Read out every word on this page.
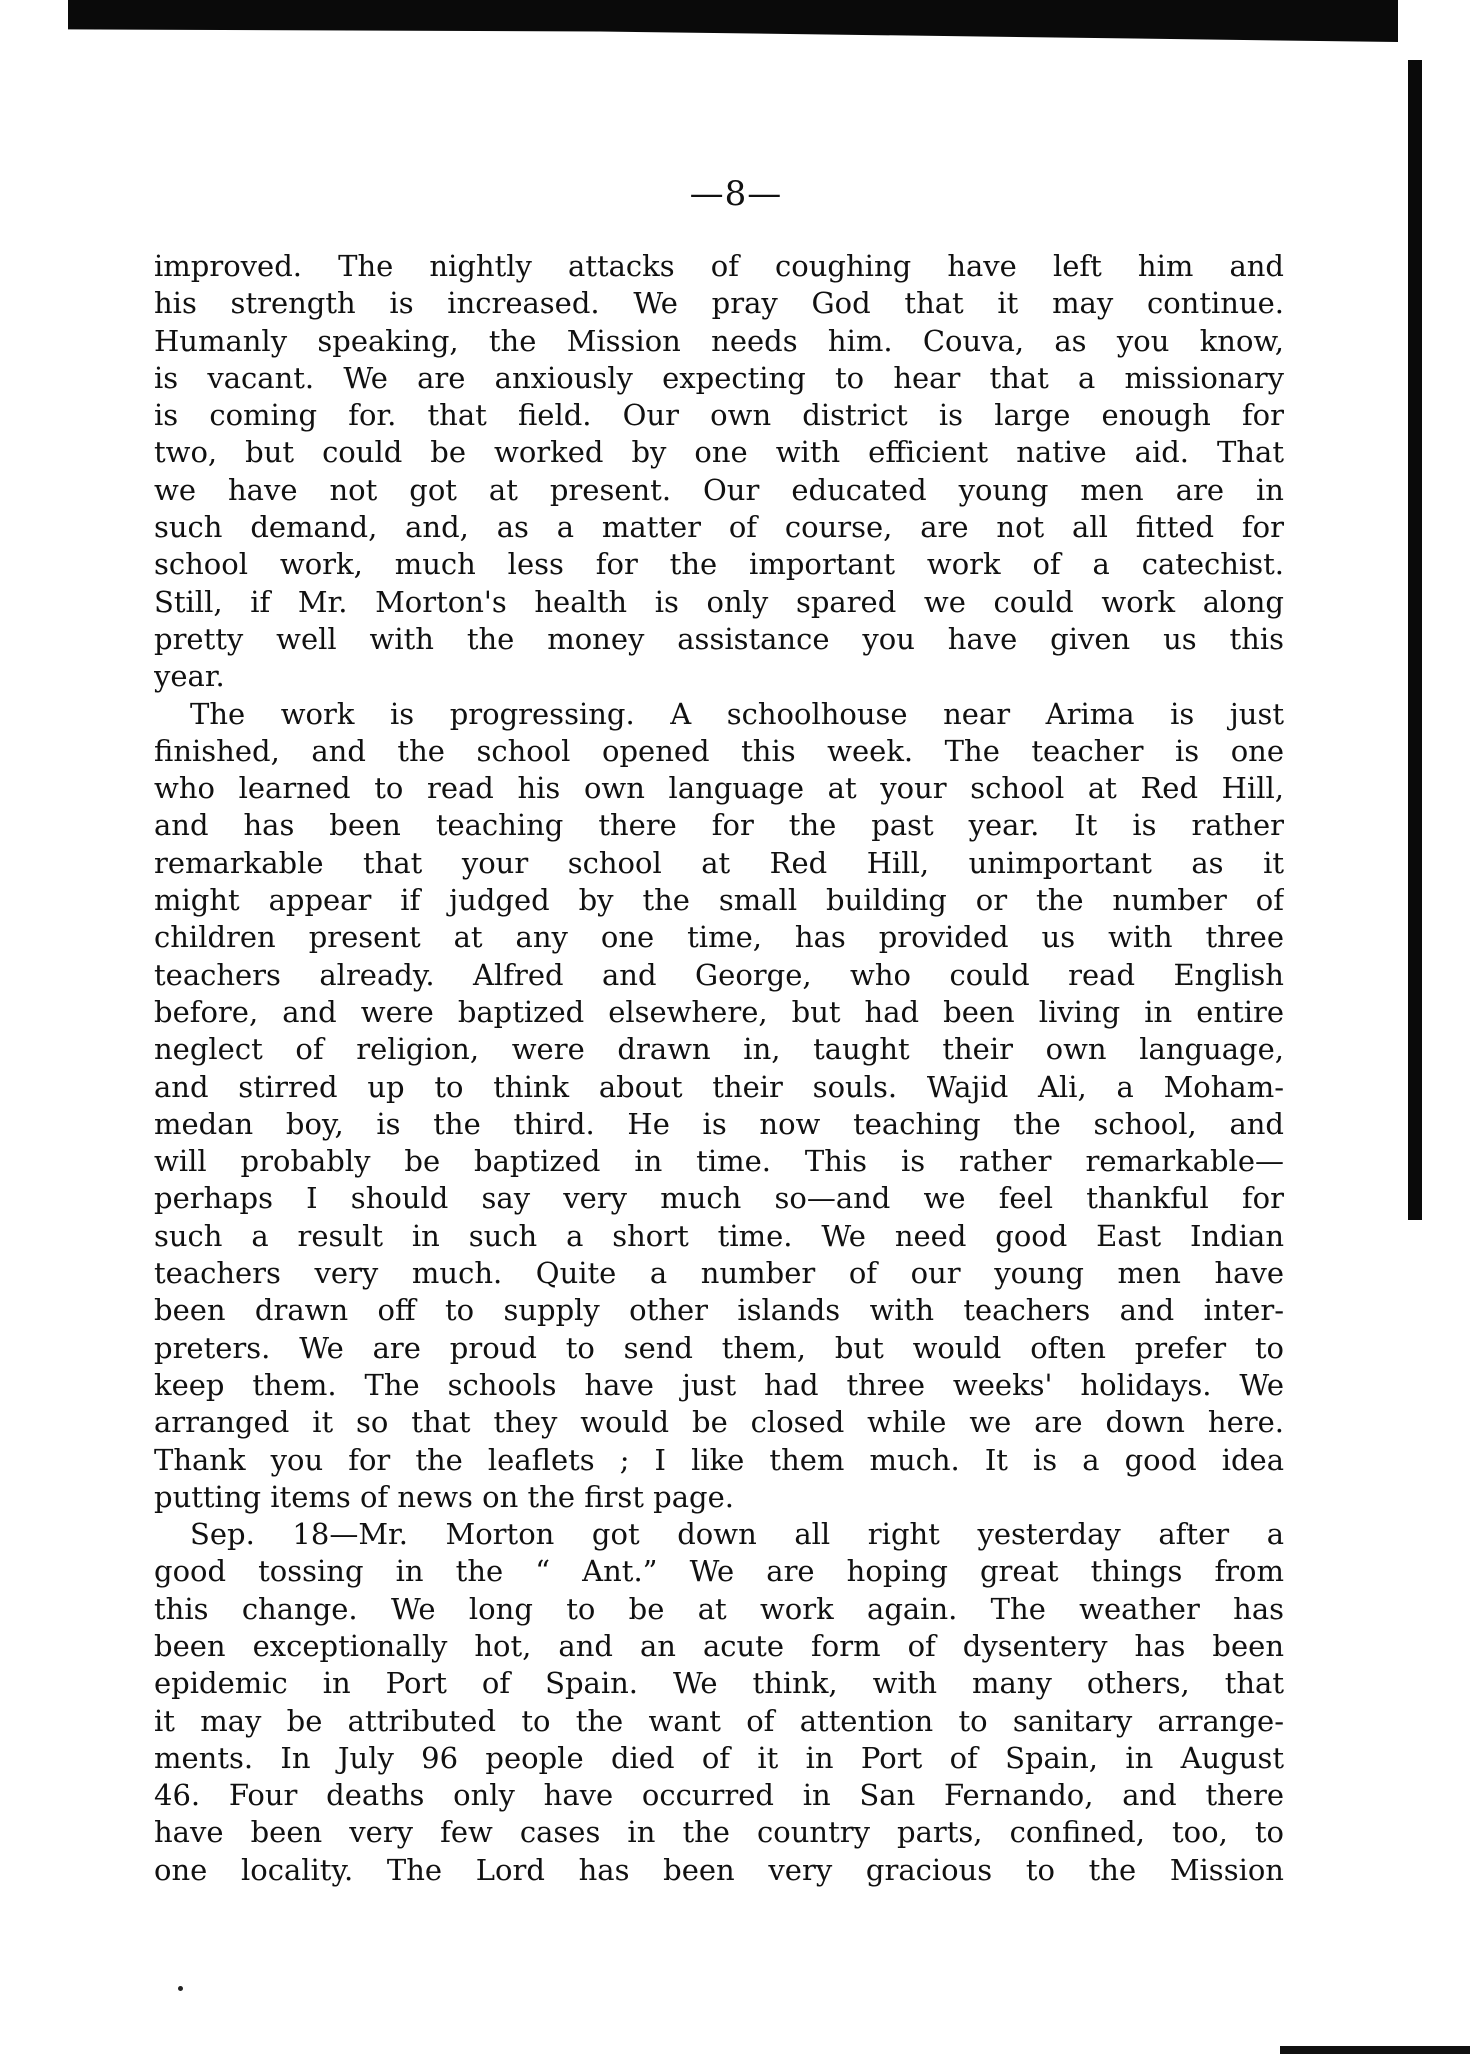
—8—
improved. The nightly attacks of coughing have left him and
his strength is increased. We pray God that it may continue.
Humanly speaking, the Mission needs him. Couva, as you know,
is vacant. We are anxiously expecting to hear that a missionary
is coming for. that field. Our own district is large enough for
two, but could be worked by one with efficient native aid. That
we have not got at present. Our educated young men are in
such demand, and, as a matter of course, are not all fitted for
school work, much less for the important work of a catechist.
Still, if Mr. Morton's health is only spared we could work along
pretty well with the money assistance you have given us this
year.
The work is progressing. A schoolhouse near Arima is just
finished, and the school opened this week. The teacher is one
who learned to read his own language at your school at Red Hill,
and has been teaching there for the past year. It is rather
remarkable that your school at Red Hill, unimportant as it
might appear if judged by the small building or the number of
children present at any one time, has provided us with three
teachers already. Alfred and George, who could read English
before, and were baptized elsewhere, but had been living in entire
neglect of religion, were drawn in, taught their own language,
and stirred up to think about their souls. Wajid Ali, a Moham-
medan boy, is the third. He is now teaching the school, and
will probably be baptized in time. This is rather remarkable—
perhaps I should say very much so—and we feel thankful for
such a result in such a short time. We need good East Indian
teachers very much. Quite a number of our young men have
been drawn off to supply other islands with teachers and inter-
preters. We are proud to send them, but would often prefer to
keep them. The schools have just had three weeks' holidays. We
arranged it so that they would be closed while we are down here.
Thank you for the leaflets ; I like them much. It is a good idea
putting items of news on the first page.
Sep. 18—Mr. Morton got down all right yesterday after a
good tossing in the “ Ant.” We are hoping great things from
this change. We long to be at work again. The weather has
been exceptionally hot, and an acute form of dysentery has been
epidemic in Port of Spain. We think, with many others, that
it may be attributed to the want of attention to sanitary arrange-
ments. In July 96 people died of it in Port of Spain, in August
46. Four deaths only have occurred in San Fernando, and there
have been very few cases in the country parts, confined, too, to
one locality. The Lord has been very gracious to the Mission
